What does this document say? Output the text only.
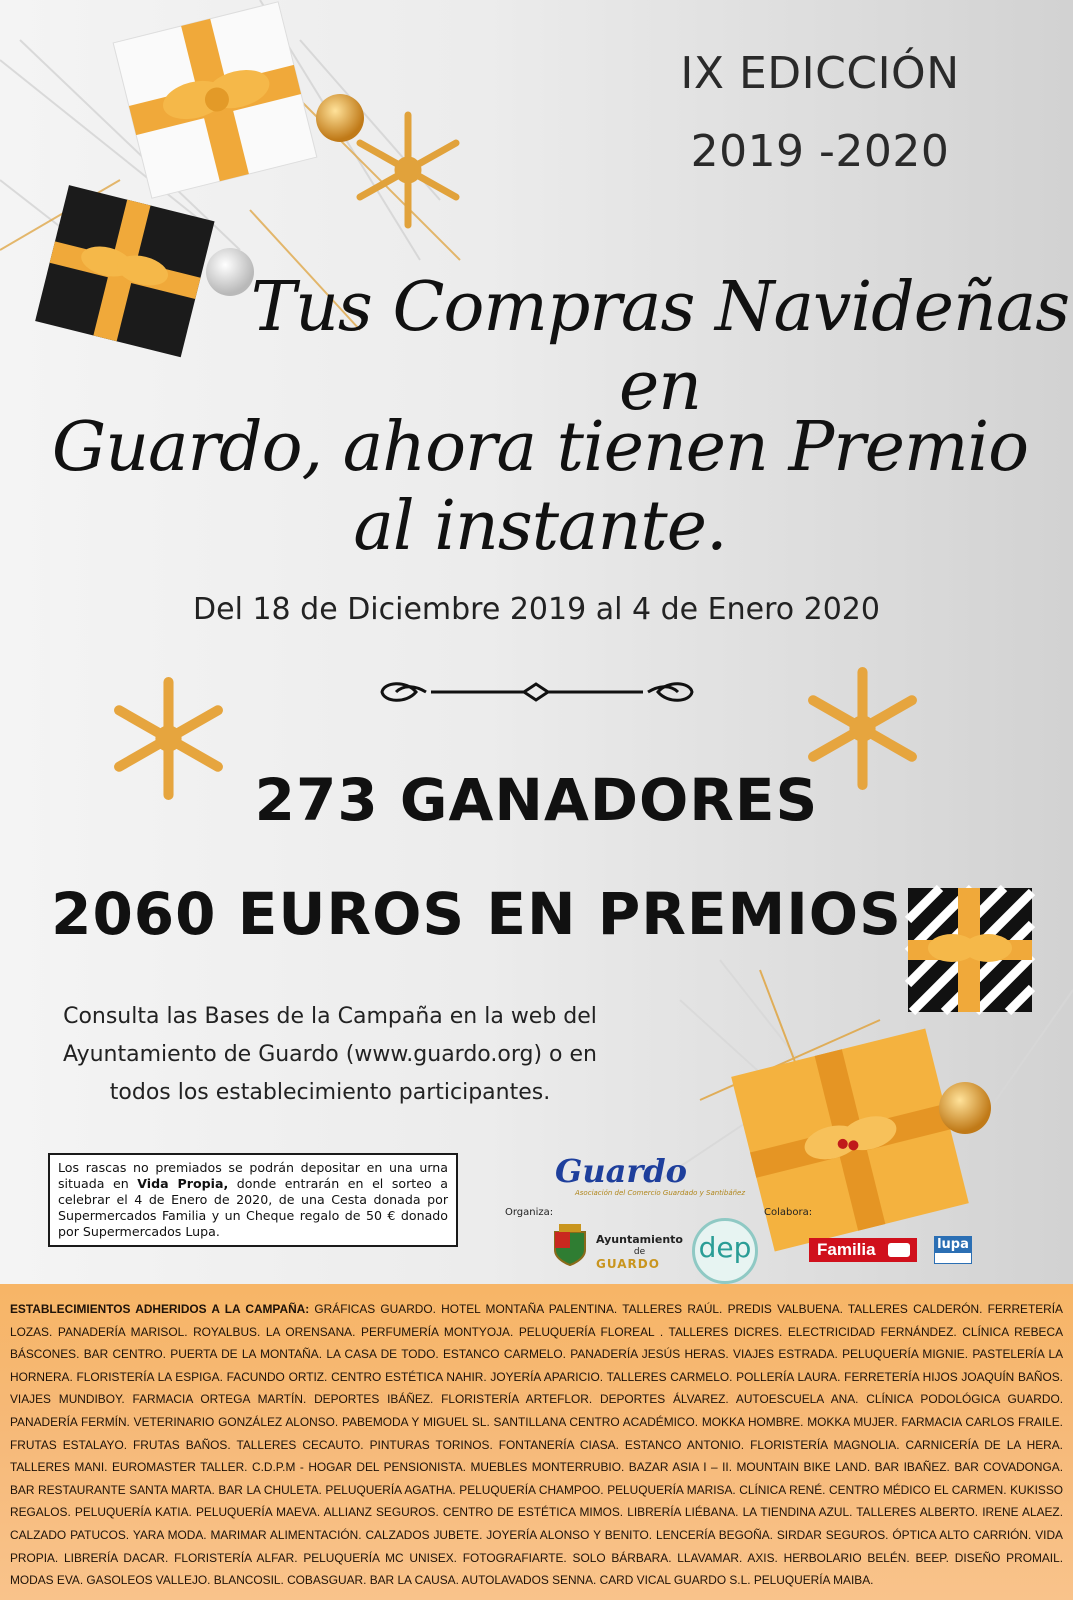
IX EDICCIÓN
2019 -2020
Tus Compras Navideñas en
Guardo, ahora tienen Premio al instante.
Del 18 de Diciembre 2019 al 4 de Enero 2020
273 GANADORES
2060 EUROS EN PREMIOS
Consulta las Bases de la Campaña en la web del
Ayuntamiento de Guardo (www.guardo.org) o en
todos los establecimiento participantes.
Los rascas no premiados se podrán depositar en una urna situada en Vida Propia, donde entrarán en el sorteo a celebrar el 4 de Enero de 2020, de una Cesta donada por Supermercados Familia y un Cheque regalo de 50 € donado por Supermercados Lupa.
Guardo
Asociación del Comercio Guardado y Santibáñez
Organiza:	Colabora:
Ayuntamiento
de
GUARDO	dep	Familia	lupa

ESTABLECIMIENTOS ADHERIDOS A LA CAMPAÑA: GRÁFICAS GUARDO. HOTEL MONTAÑA PALENTINA. TALLERES RAÚL. PREDIS VALBUENA. TALLERES CALDERÓN. FERRETERÍA LOZAS. PANADERÍA MARISOL. ROYALBUS. LA ORENSANA. PERFUMERÍA MONTYOJA. PELUQUERÍA FLOREAL . TALLERES DICRES. ELECTRICIDAD FERNÁNDEZ. CLÍNICA REBECA BÁSCONES. BAR CENTRO. PUERTA DE LA MONTAÑA. LA CASA DE TODO. ESTANCO CARMELO. PANADERÍA JESÚS HERAS. VIAJES ESTRADA. PELUQUERÍA MIGNIE. PASTELERÍA LA HORNERA. FLORISTERÍA LA ESPIGA. FACUNDO ORTIZ. CENTRO ESTÉTICA NAHIR. JOYERÍA APARICIO. TALLERES CARMELO. POLLERÍA LAURA. FERRETERÍA HIJOS JOAQUÍN BAÑOS. VIAJES MUNDIBOY. FARMACIA ORTEGA MARTÍN. DEPORTES IBÁÑEZ. FLORISTERÍA ARTEFLOR. DEPORTES ÁLVAREZ. AUTOESCUELA ANA. CLÍNICA PODOLÓGICA GUARDO. PANADERÍA FERMÍN. VETERINARIO GONZÁLEZ ALONSO. PABEMODA Y MIGUEL SL. SANTILLANA CENTRO ACADÉMICO. MOKKA HOMBRE. MOKKA MUJER. FARMACIA CARLOS FRAILE. FRUTAS ESTALAYO. FRUTAS BAÑOS. TALLERES CECAUTO. PINTURAS TORINOS. FONTANERÍA CIASA. ESTANCO ANTONIO. FLORISTERÍA MAGNOLIA. CARNICERÍA DE LA HERA. TALLERES MANI. EUROMASTER TALLER. C.D.P.M - HOGAR DEL PENSIONISTA. MUEBLES MONTERRUBIO. BAZAR ASIA I – II. MOUNTAIN BIKE LAND. BAR IBAÑEZ. BAR COVADONGA. BAR RESTAURANTE SANTA MARTA. BAR LA CHULETA. PELUQUERÍA AGATHA. PELUQUERÍA CHAMPOO. PELUQUERÍA MARISA. CLÍNICA RENÉ. CENTRO MÉDICO EL CARMEN. KUKISSO REGALOS. PELUQUERÍA KATIA. PELUQUERÍA MAEVA. ALLIANZ SEGUROS. CENTRO DE ESTÉTICA MIMOS. LIBRERÍA LIÉBANA. LA TIENDINA AZUL. TALLERES ALBERTO. IRENE ALAEZ. CALZADO PATUCOS. YARA MODA. MARIMAR ALIMENTACIÓN. CALZADOS JUBETE. JOYERÍA ALONSO Y BENITO. LENCERÍA BEGOÑA. SIRDAR SEGUROS. ÓPTICA ALTO CARRIÓN. VIDA PROPIA. LIBRERÍA DACAR. FLORISTERÍA ALFAR. PELUQUERÍA MC UNISEX. FOTOGRAFIARTE. SOLO BÁRBARA. LLAVAMAR. AXIS. HERBOLARIO BELÉN. BEEP. DISEÑO PROMAIL. MODAS EVA. GASOLEOS VALLEJO. BLANCOSIL. COBASGUAR. BAR LA CAUSA. AUTOLAVADOS SENNA. CARD VICAL GUARDO S.L. PELUQUERÍA MAIBA.
